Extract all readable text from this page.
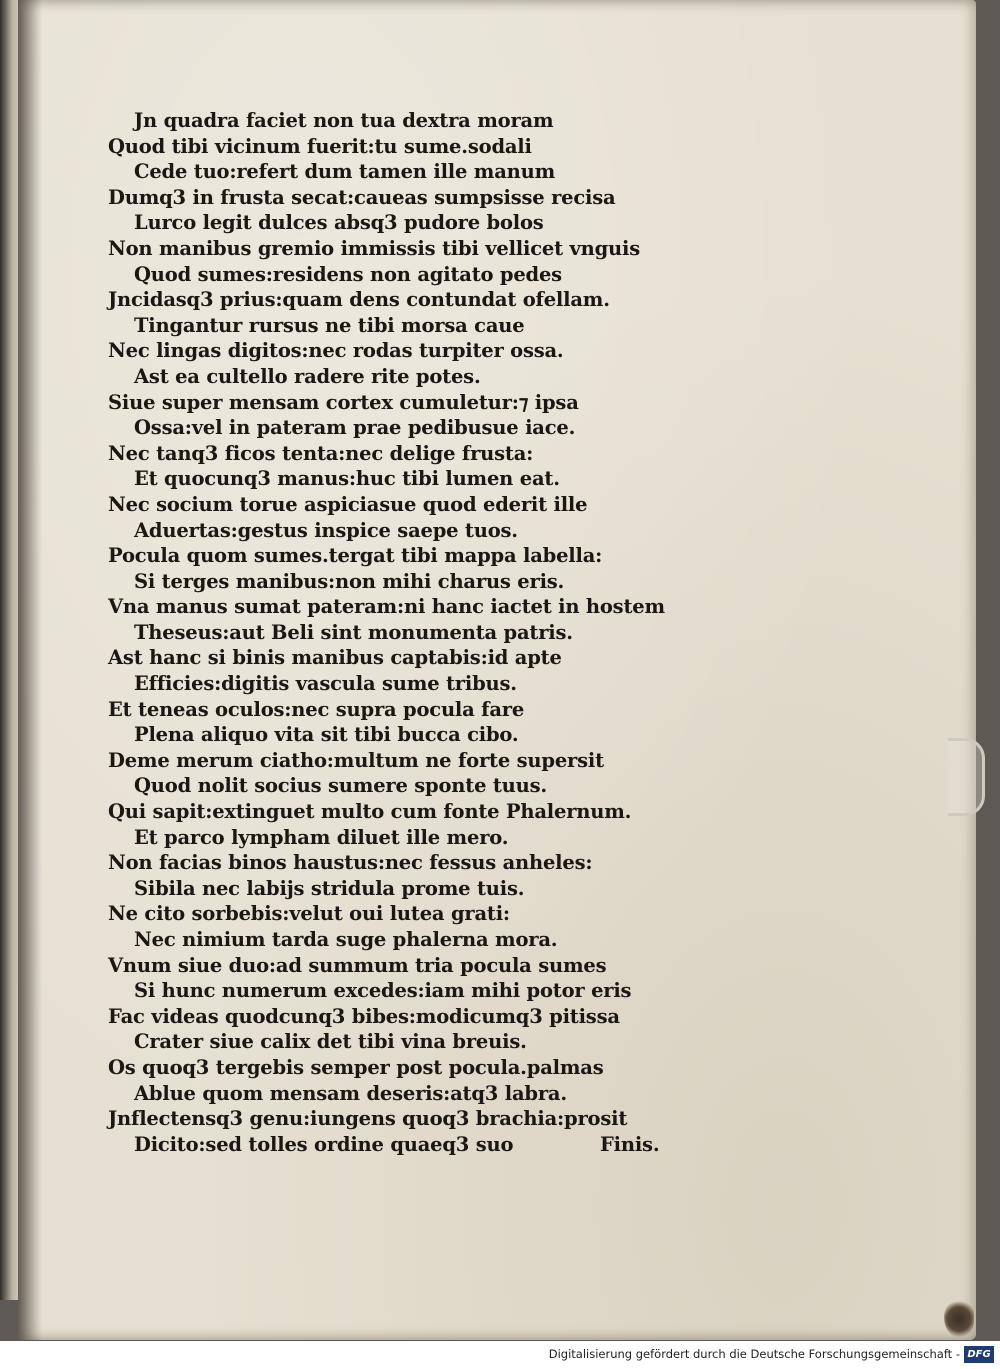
Jn quadra faciet non tua dextra moram
Quod tibi vicinum fuerit:tu sume.sodali
Cede tuo:refert dum tamen ille manum
Dumq3 in frusta secat:caueas sumpsisse recisa
Lurco legit dulces absq3 pudore bolos
Non manibus gremio immissis tibi vellicet vnguis
Quod sumes:residens non agitato pedes
Jncidasq3 prius:quam dens contundat ofellam.
Tingantur rursus ne tibi morsa caue
Nec lingas digitos:nec rodas turpiter ossa.
Ast ea cultello radere rite potes.
Siue super mensam cortex cumuletur:⁊ ipsa
Ossa:vel in pateram prae pedibusue iace.
Nec tanq3 ficos tenta:nec delige frusta:
Et quocunq3 manus:huc tibi lumen eat.
Nec socium torue aspiciasue quod ederit ille
Aduertas:gestus inspice saepe tuos.
Pocula quom sumes.tergat tibi mappa labella:
Si terges manibus:non mihi charus eris.
Vna manus sumat pateram:ni hanc iactet in hostem
Theseus:aut Beli sint monumenta patris.
Ast hanc si binis manibus captabis:id apte
Efficies:digitis vascula sume tribus.
Et teneas oculos:nec supra pocula fare
Plena aliquo vita sit tibi bucca cibo.
Deme merum ciatho:multum ne forte supersit
Quod nolit socius sumere sponte tuus.
Qui sapit:extinguet multo cum fonte Phalernum.
Et parco lympham diluet ille mero.
Non facias binos haustus:nec fessus anheles:
Sibila nec labijs stridula prome tuis.
Ne cito sorbebis:velut oui lutea grati:
Nec nimium tarda suge phalerna mora.
Vnum siue duo:ad summum tria pocula sumes
Si hunc numerum excedes:iam mihi potor eris
Fac videas quodcunq3 bibes:modicumq3 pitissa
Crater siue calix det tibi vina breuis.
Os quoq3 tergebis semper post pocula.palmas
Ablue quom mensam deseris:atq3 labra.
Jnflectensq3 genu:iungens quoq3 brachia:prosit
Dicito:sed tolles ordine quaeq3 suo	Finis.
Digitalisierung gefördert durch die Deutsche Forschungsgemeinschaft - DFG
